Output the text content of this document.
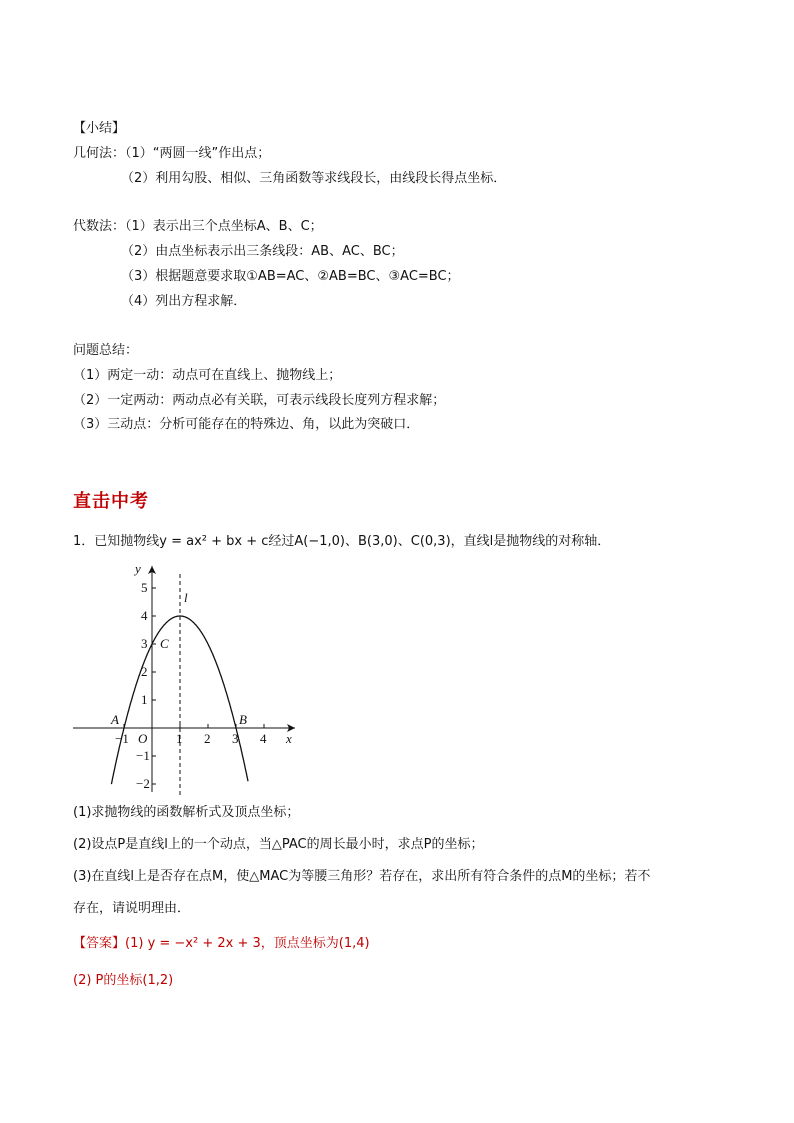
【小结】
几何法：（1）“两圆一线”作出点；
（2）利用勾股、相似、三角函数等求线段长，由线段长得点坐标．
代数法：（1）表示出三个点坐标A、B、C；
（2）由点坐标表示出三条线段：AB、AC、BC；
（3）根据题意要求取①AB=AC、②AB=BC、③AC=BC；
（4）列出方程求解．
问题总结：
（1）两定一动：动点可在直线上、抛物线上；
（2）一定两动：两动点必有关联，可表示线段长度列方程求解；
（3）三动点：分析可能存在的特殊边、角，以此为突破口．
直击中考
1．已知抛物线y = ax² + bx + c经过A(−1,0)、B(3,0)、C(0,3)，直线l是抛物线的对称轴．
−1	1 2 3 4
5
4
3
2
1
−1
−2
x
y
O
l
A	B
C
(1)求抛物线的函数解析式及顶点坐标；
(2)设点P是直线l上的一个动点，当△PAC的周长最小时，求点P的坐标；
(3)在直线l上是否存在点M，使△MAC为等腰三角形？若存在，求出所有符合条件的点M的坐标；若不
存在，请说明理由．
【答案】(1) y = −x² + 2x + 3，顶点坐标为(1,4)
(2) P的坐标(1,2)
